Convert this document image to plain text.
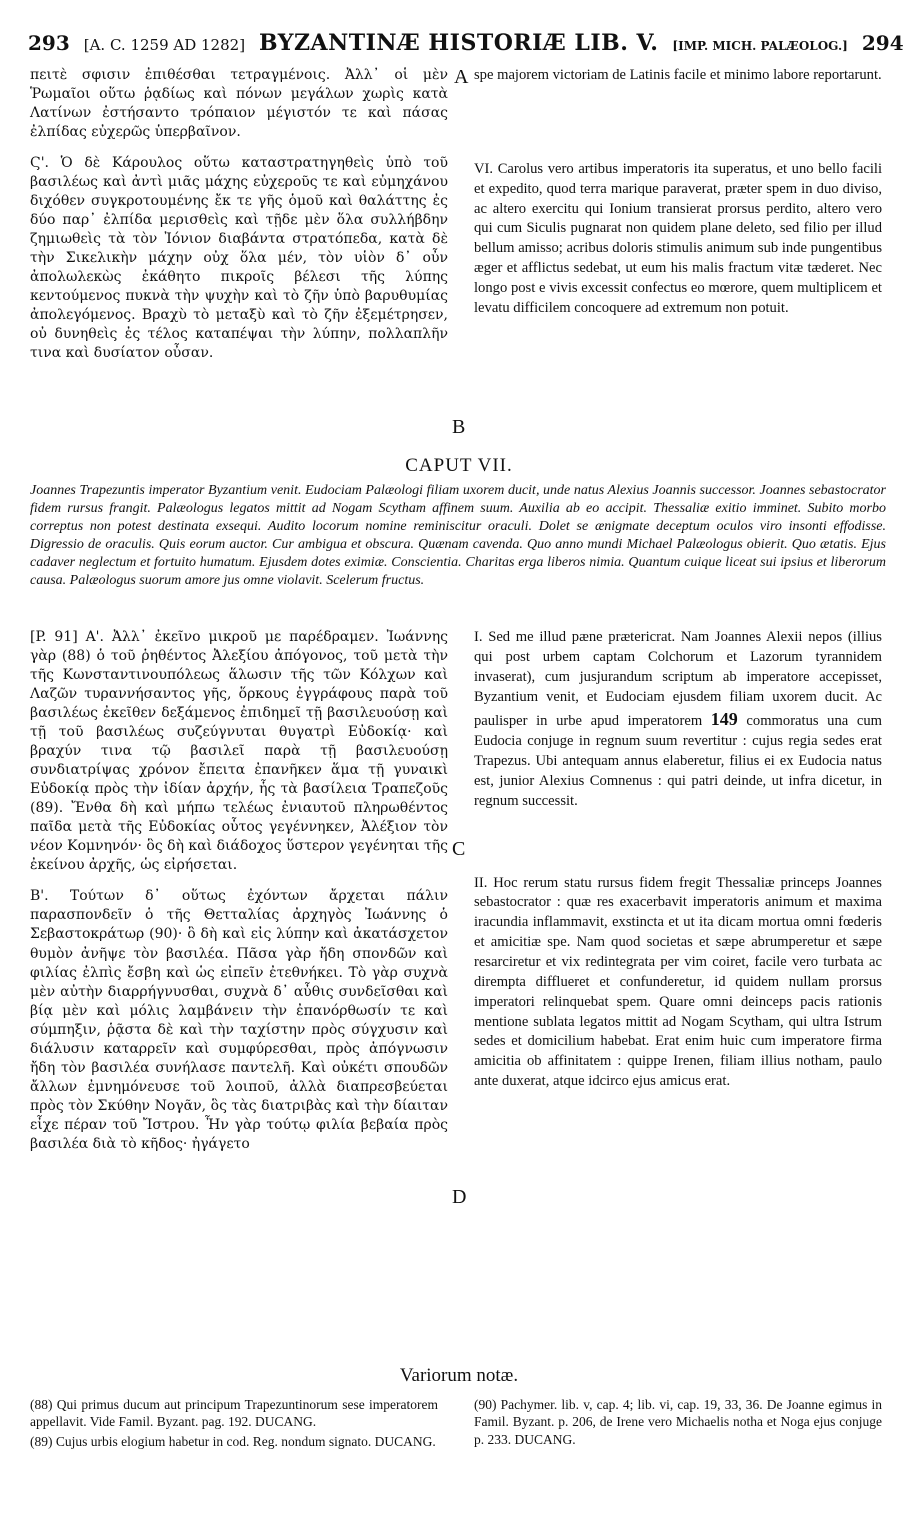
293 [A. C. 1259 AD 1282] BYZANTINÆ HISTORIÆ LIB. V. [IMP. MICH. PALÆOLOG.] 294

πειτὲ σφισιν ἐπιθέσθαι τετραγμένοις. Ἀλλ᾽ οἱ μὲν Ῥωμαῖοι οὕτω ῥᾳδίως καὶ πόνων μεγάλων χωρὶς κατὰ Λατίνων ἐστήσαντο τρόπαιον μέγιστόν τε καὶ πάσας ἐλπίδας εὐχερῶς ὑπερβαῖνον.

Ϛ'. Ὁ δὲ Κάρουλος οὕτω καταστρατηγηθεὶς ὑπὸ τοῦ βασιλέως καὶ ἀντὶ μιᾶς μάχης εὐχεροῦς τε καὶ εὐμηχάνου διχόθεν συγκροτουμένης ἔκ τε γῆς ὁμοῦ καὶ θαλάττης ἐς δύο παρ᾽ ἐλπίδα μερισθεὶς καὶ τῇδε μὲν ὅλα συλλήβδην ζημιωθεὶς τὰ τὸν Ἰόνιον διαβάντα στρατόπεδα, κατὰ δὲ τὴν Σικελικὴν μάχην οὐχ ὅλα μέν, τὸν υἱὸν δ᾽ οὖν ἀπολωλεκὼς ἐκάθητο πικροῖς βέλεσι τῆς λύπης κεντούμενος πυκνὰ τὴν ψυχὴν καὶ τὸ ζῆν ὑπὸ βαρυθυμίας ἀπολεγόμενος. Βραχὺ τὸ μεταξὺ καὶ τὸ ζῆν ἐξεμέτρησεν, οὐ δυνηθεὶς ἐς τέλος καταπέψαι τὴν λύπην, πολλαπλῆν τινα καὶ δυσίατον οὖσαν.

A
B

spe majorem victoriam de Latinis facile et minimo labore reportarunt.

VI. Carolus vero artibus imperatoris ita superatus, et uno bello facili et expedito, quod terra marique paraverat, præter spem in duo diviso, ac altero exercitu qui Ionium transierat prorsus perdito, altero vero qui cum Siculis pugnarat non quidem plane deleto, sed filio per illud bellum amisso; acribus doloris stimulis animum sub inde pungentibus æger et afflictus sedebat, ut eum his malis fractum vitæ tæderet. Nec longo post e vivis excessit confectus eo mœrore, quem multiplicem et levatu difficilem concoquere ad extremum non potuit.

CAPUT VII.
Joannes Trapezuntis imperator Byzantium venit. Eudociam Palæologi filiam uxorem ducit, unde natus Alexius Joannis successor. Joannes sebastocrator fidem rursus frangit. Palæologus legatos mittit ad Nogam Scytham affinem suum. Auxilia ab eo accipit. Thessaliæ exitio imminet. Subito morbo correptus non potest destinata exsequi. Audito locorum nomine reminiscitur oraculi. Dolet se ænigmate deceptum oculos viro insonti effodisse. Digressio de oraculis. Quis eorum auctor. Cur ambigua et obscura. Quænam cavenda. Quo anno mundi Michael Palæologus obierit. Quo ætatis. Ejus cadaver neglectum et fortuito humatum. Ejusdem dotes eximiæ. Conscientia. Charitas erga liberos nimia. Quantum cuique liceat sui ipsius et liberorum causa. Palæologus suorum amore jus omne violavit. Scelerum fructus.

[P. 91] Α'. Ἀλλ᾽ ἐκεῖνο μικροῦ με παρέδραμεν. Ἰωάννης γὰρ (88) ὁ τοῦ ῥηθέντος Ἀλεξίου ἀπόγονος, τοῦ μετὰ τὴν τῆς Κωνσταντινουπόλεως ἅλωσιν τῆς τῶν Κόλχων καὶ Λαζῶν τυραννήσαντος γῆς, ὅρκους ἐγγράφους παρὰ τοῦ βασιλέως ἐκεῖθεν δεξάμενος ἐπιδημεῖ τῇ βασιλευούσῃ καὶ τῇ τοῦ βασιλέως συζεύγνυται θυγατρὶ Εὐδοκίᾳ· καὶ βραχύν τινα τῷ βασιλεῖ παρὰ τῇ βασιλευούσῃ συνδιατρίψας χρόνον ἔπειτα ἐπανῆκεν ἅμα τῇ γυναικὶ Εὐδοκίᾳ πρὸς τὴν ἰδίαν ἀρχήν, ἧς τὰ βασίλεια Τραπεζοῦς (89). Ἔνθα δὴ καὶ μήπω τελέως ἐνιαυτοῦ πληρωθέντος παῖδα μετὰ τῆς Εὐδοκίας οὗτος γεγέννηκεν, Ἀλέξιον τὸν νέον Κομνηνόν· ὃς δὴ καὶ διάδοχος ὕστερον γεγένηται τῆς ἐκείνου ἀρχῆς, ὡς εἰρήσεται.

Β'. Τούτων δ᾽ οὕτως ἐχόντων ἄρχεται πάλιν παρασπονδεῖν ὁ τῆς Θετταλίας ἀρχηγὸς Ἰωάννης ὁ Σεβαστοκράτωρ (90)· ὃ δὴ καὶ εἰς λύπην καὶ ἀκατάσχετον θυμὸν ἀνῆψε τὸν βασιλέα. Πᾶσα γὰρ ἤδη σπονδῶν καὶ φιλίας ἐλπὶς ἔσβη καὶ ὡς εἰπεῖν ἐτεθνήκει. Τὸ γὰρ συχνὰ μὲν αὐτὴν διαρρήγνυσθαι, συχνὰ δ᾽ αὖθις συνδεῖσθαι καὶ βίᾳ μὲν καὶ μόλις λαμβάνειν τὴν ἐπανόρθωσίν τε καὶ σύμπηξιν, ῥᾷστα δὲ καὶ τὴν ταχίστην πρὸς σύγχυσιν καὶ διάλυσιν καταρρεῖν καὶ συμφύρεσθαι, πρὸς ἀπόγνωσιν ἤδη τὸν βασιλέα συνήλασε παντελῆ. Καὶ οὐκέτι σπουδῶν ἄλλων ἐμνημόνευσε τοῦ λοιποῦ, ἀλλὰ διαπρεσβεύεται πρὸς τὸν Σκύθην Νογᾶν, ὃς τὰς διατριβὰς καὶ τὴν δίαιταν εἶχε πέραν τοῦ Ἴστρου. Ἦν γὰρ τούτῳ φιλία βεβαία πρὸς βασιλέα διὰ τὸ κῆδος· ἠγάγετο

C
D

I. Sed me illud pæne prætericrat. Nam Joannes Alexii nepos (illius qui post urbem captam Colchorum et Lazorum tyrannidem invaserat), cum jusjurandum scriptum ab imperatore accepisset, Byzantium venit, et Eudociam ejusdem filiam uxorem ducit. Ac paulisper in urbe apud imperatorem 149 commoratus una cum Eudocia conjuge in regnum suum revertitur : cujus regia sedes erat Trapezus. Ubi antequam annus elaberetur, filius ei ex Eudocia natus est, junior Alexius Comnenus : qui patri deinde, ut infra dicetur, in regnum successit.

II. Hoc rerum statu rursus fidem fregit Thessaliæ princeps Joannes sebastocrator : quæ res exacerbavit imperatoris animum et maxima iracundia inflammavit, exstincta et ut ita dicam mortua omni fœderis et amicitiæ spe. Nam quod societas et sæpe abrumperetur et sæpe resarciretur et vix redintegrata per vim coiret, facile vero turbata ac dirempta difflueret et confunderetur, id quidem nullam prorsus imperatori relinquebat spem. Quare omni deinceps pacis rationis mentione sublata legatos mittit ad Nogam Scytham, qui ultra Istrum sedes et domicilium habebat. Erat enim huic cum imperatore firma amicitia ob affinitatem : quippe Irenen, filiam illius notham, paulo ante duxerat, atque idcirco ejus amicus erat.

Variorum notæ.

(88) Qui primus ducum aut principum Trapezuntinorum sese imperatorem appellavit. Vide Famil. Byzant. pag. 192. DUCANG.

(89) Cujus urbis elogium habetur in cod. Reg. nondum signato. DUCANG.

(90) Pachymer. lib. v, cap. 4; lib. vi, cap. 19, 33, 36. De Joanne egimus in Famil. Byzant. p. 206, de Irene vero Michaelis notha et Noga ejus conjuge p. 233. DUCANG.
